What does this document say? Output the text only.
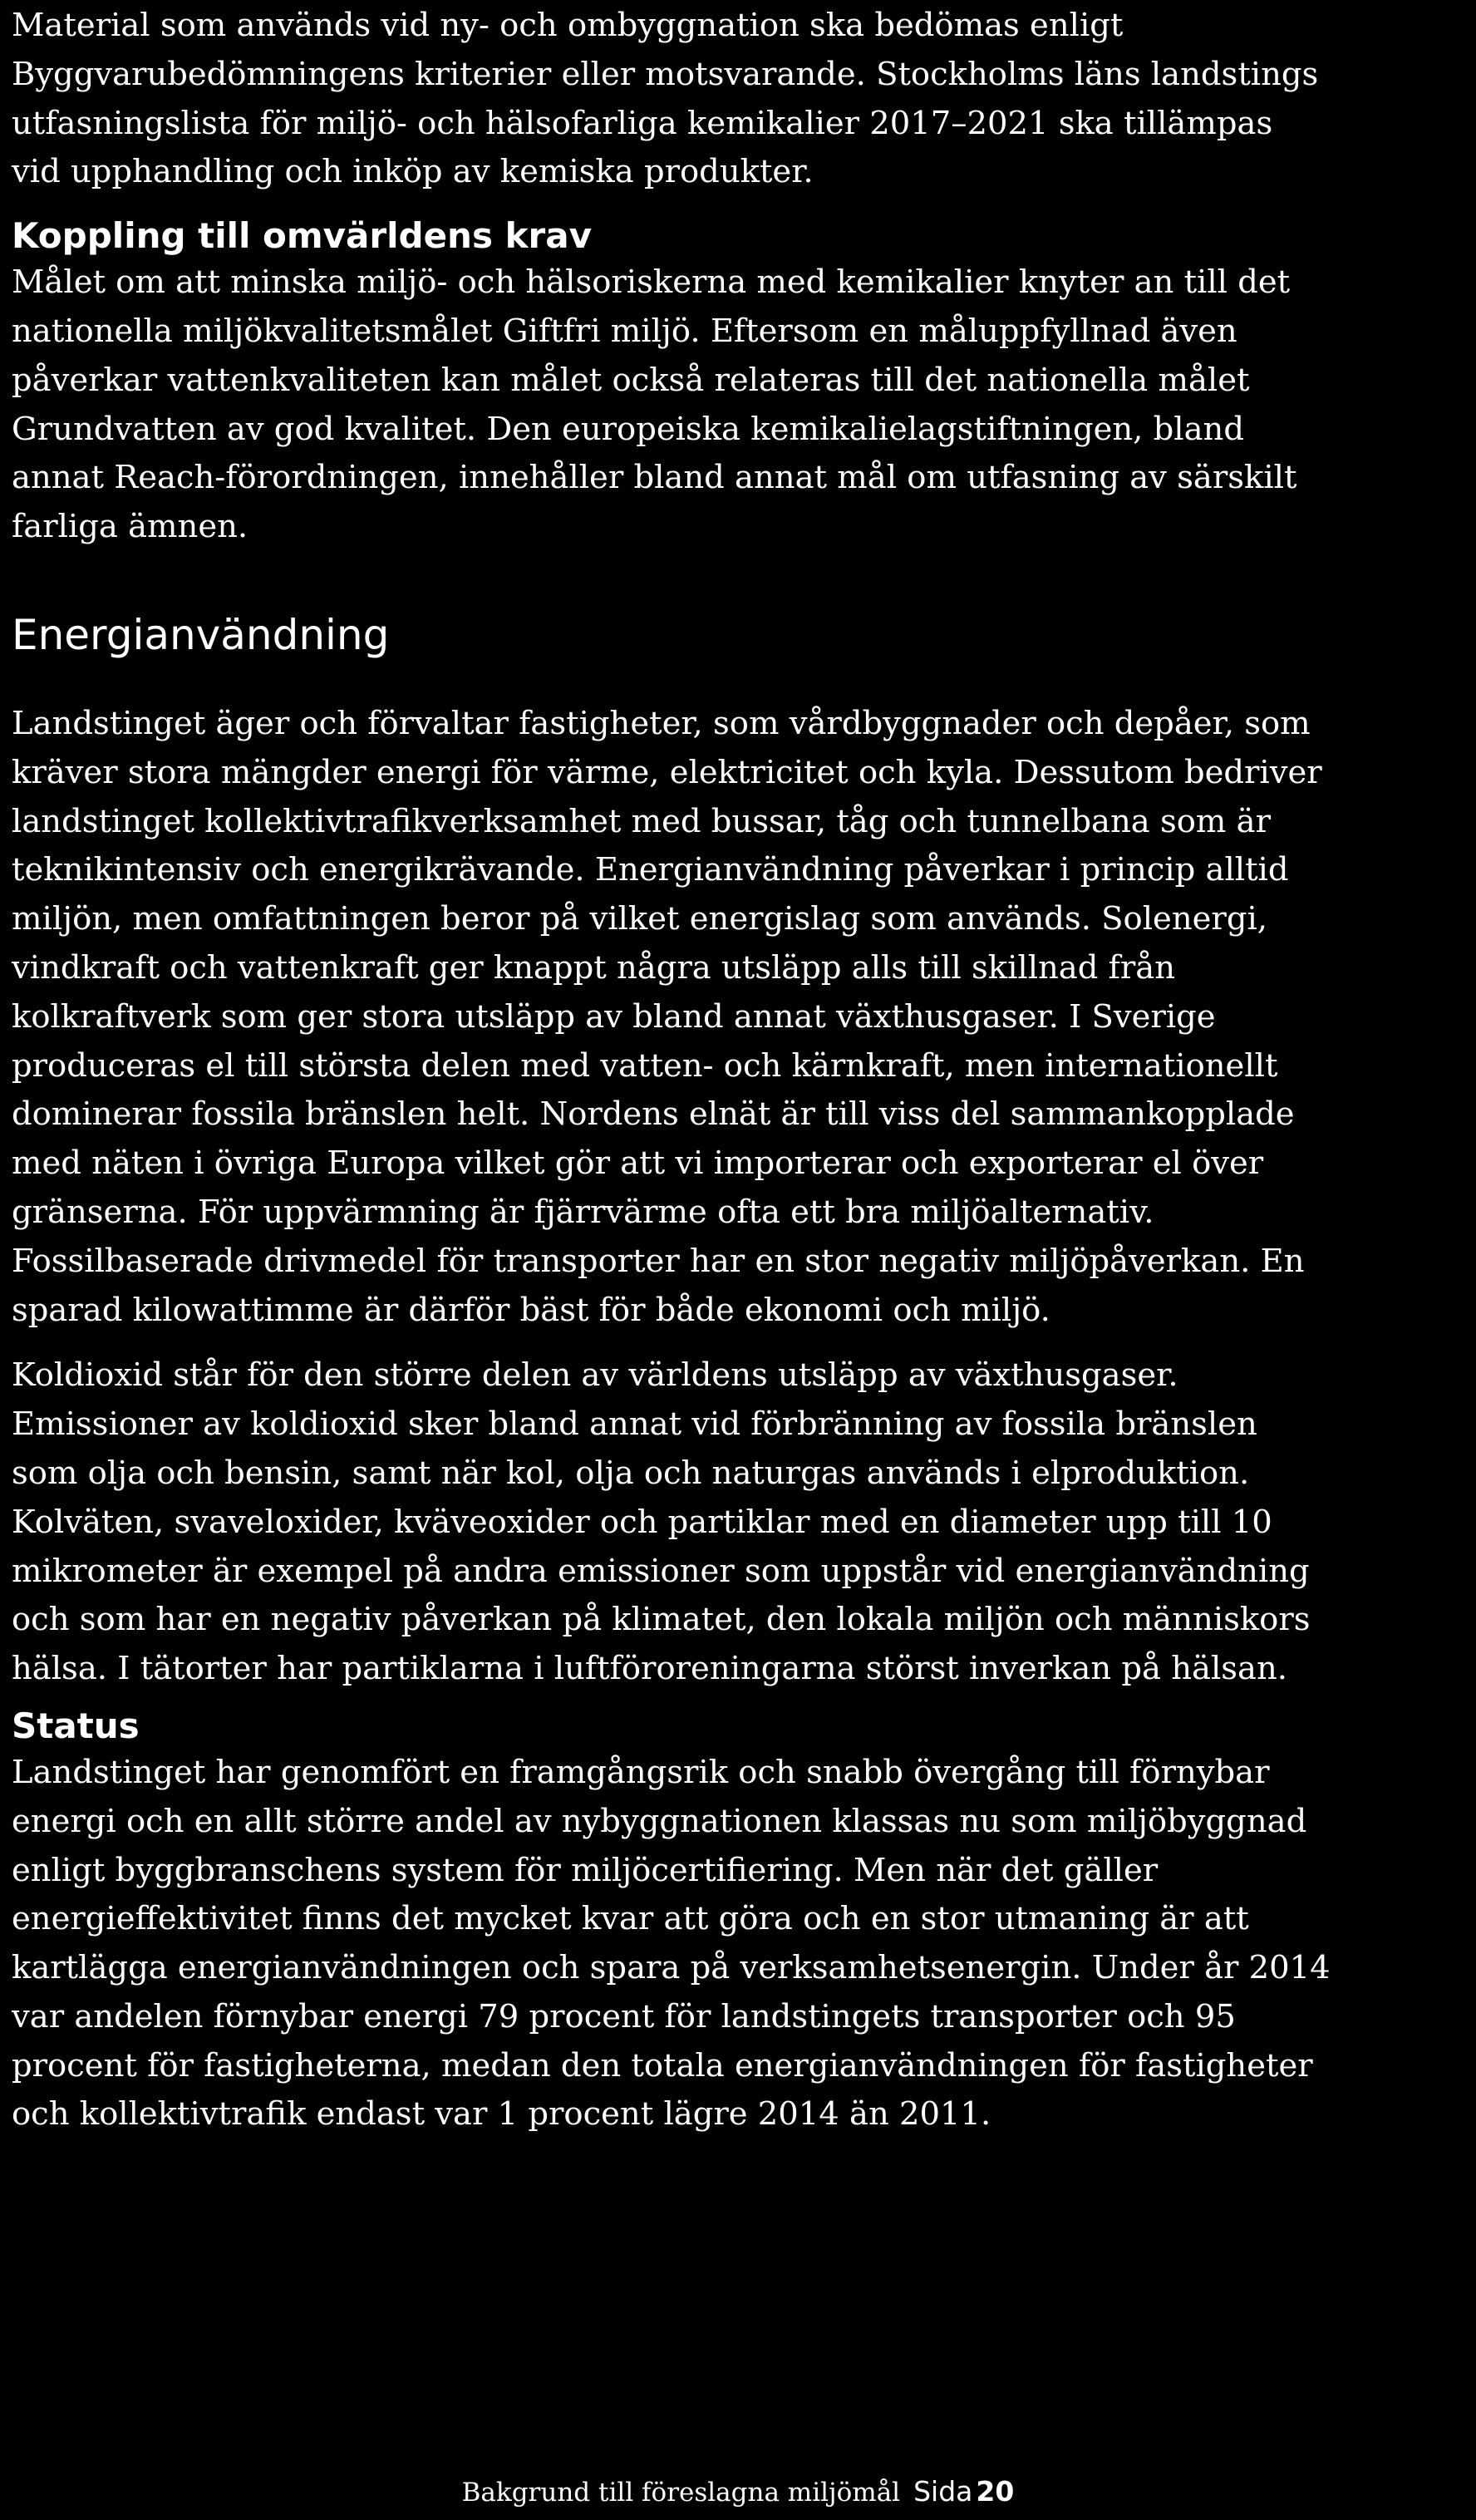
Material som används vid ny- och ombyggnation ska bedömas enligt
Byggvarubedömningens kriterier eller motsvarande. Stockholms läns landstings
utfasningslista för miljö- och hälsofarliga kemikalier 2017–2021 ska tillämpas
vid upphandling och inköp av kemiska produkter.

Koppling till omvärldens krav

Målet om att minska miljö- och hälsoriskerna med kemikalier knyter an till det
nationella miljökvalitetsmålet Giftfri miljö. Eftersom en måluppfyllnad även
påverkar vattenkvaliteten kan målet också relateras till det nationella målet
Grundvatten av god kvalitet. Den europeiska kemikalielagstiftningen, bland
annat Reach-förordningen, innehåller bland annat mål om utfasning av särskilt
farliga ämnen.

Energianvändning

Landstinget äger och förvaltar fastigheter, som vårdbyggnader och depåer, som
kräver stora mängder energi för värme, elektricitet och kyla. Dessutom bedriver
landstinget kollektivtrafikverksamhet med bussar, tåg och tunnelbana som är
teknikintensiv och energikrävande. Energianvändning påverkar i princip alltid
miljön, men omfattningen beror på vilket energislag som används. Solenergi,
vindkraft och vattenkraft ger knappt några utsläpp alls till skillnad från
kolkraftverk som ger stora utsläpp av bland annat växthusgaser. I Sverige
produceras el till största delen med vatten- och kärnkraft, men internationellt
dominerar fossila bränslen helt. Nordens elnät är till viss del sammankopplade
med näten i övriga Europa vilket gör att vi importerar och exporterar el över
gränserna. För uppvärmning är fjärrvärme ofta ett bra miljöalternativ.
Fossilbaserade drivmedel för transporter har en stor negativ miljöpåverkan. En
sparad kilowattimme är därför bäst för både ekonomi och miljö.

Koldioxid står för den större delen av världens utsläpp av växthusgaser.
Emissioner av koldioxid sker bland annat vid förbränning av fossila bränslen
som olja och bensin, samt när kol, olja och naturgas används i elproduktion.
Kolväten, svaveloxider, kväveoxider och partiklar med en diameter upp till 10
mikrometer är exempel på andra emissioner som uppstår vid energianvändning
och som har en negativ påverkan på klimatet, den lokala miljön och människors
hälsa. I tätorter har partiklarna i luftföroreningarna störst inverkan på hälsan.

Status

Landstinget har genomfört en framgångsrik och snabb övergång till förnybar
energi och en allt större andel av nybyggnationen klassas nu som miljöbyggnad
enligt byggbranschens system för miljöcertifiering. Men när det gäller
energieffektivitet finns det mycket kvar att göra och en stor utmaning är att
kartlägga energianvändningen och spara på verksamhetsenergin. Under år 2014
var andelen förnybar energi 79 procent för landstingets transporter och 95
procent för fastigheterna, medan den totala energianvändningen för fastigheter
och kollektivtrafik endast var 1 procent lägre 2014 än 2011.

Bakgrund till föreslagna miljömål Sida 20
